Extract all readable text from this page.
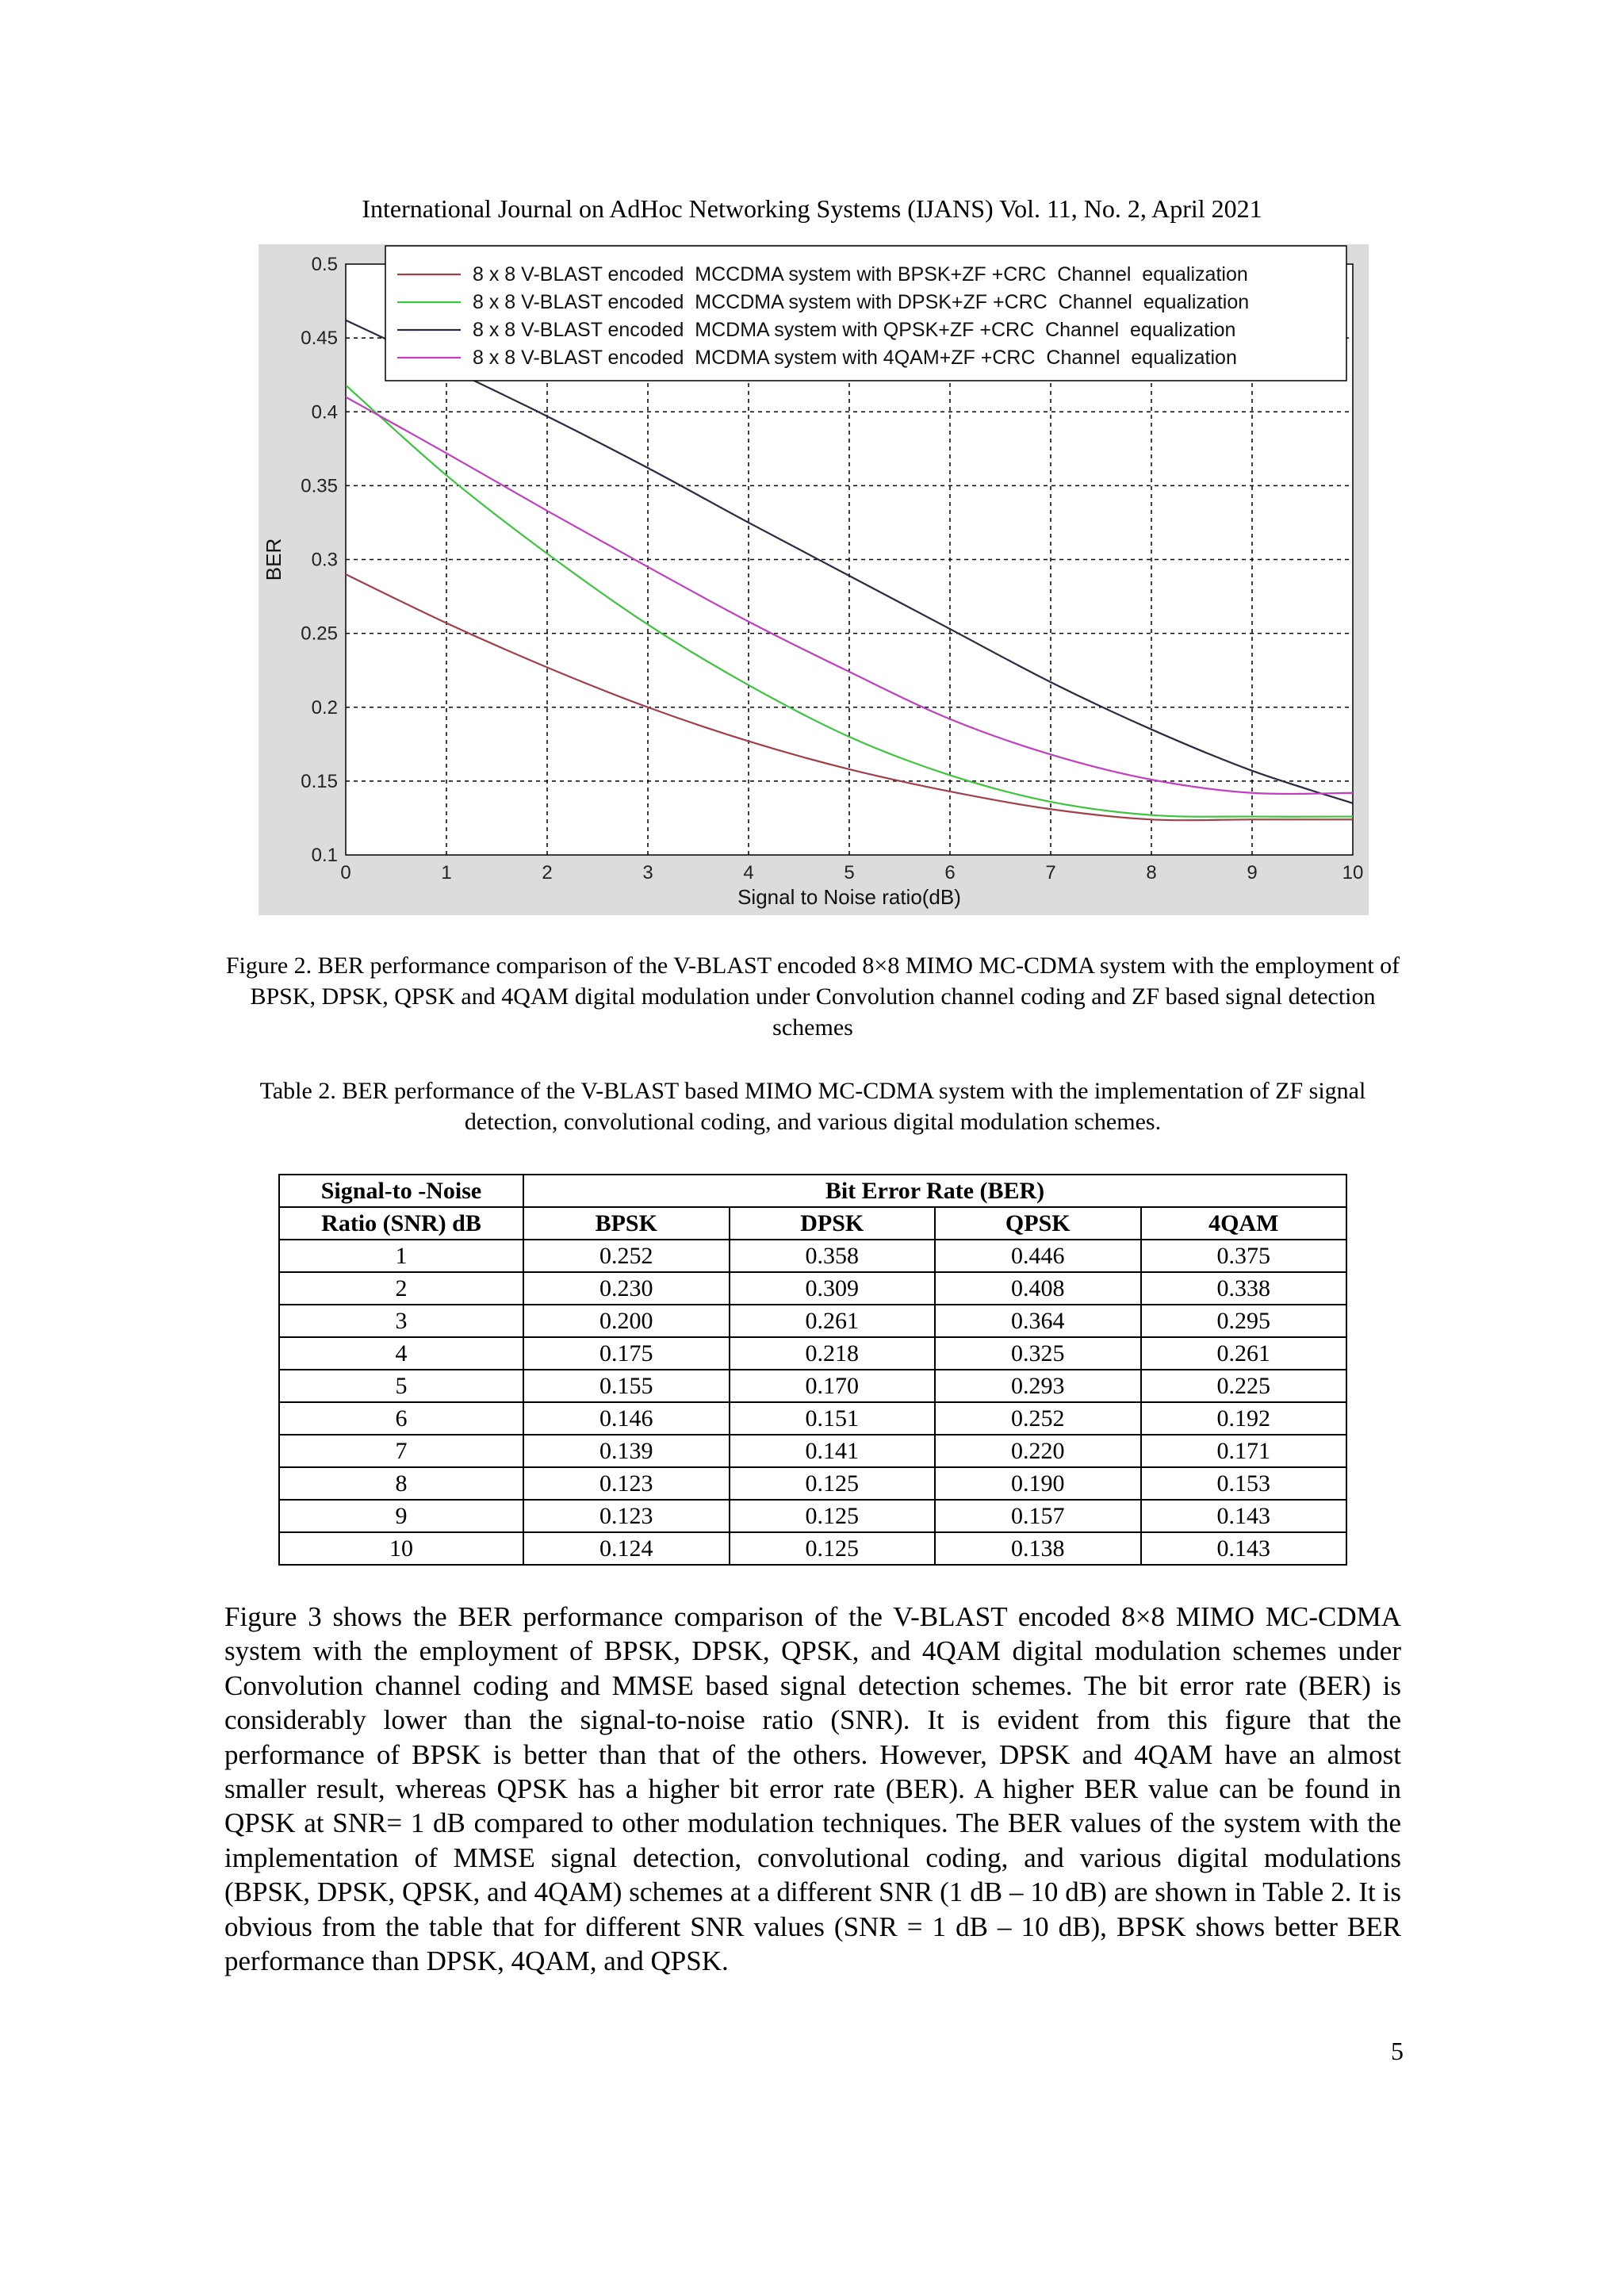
International Journal on AdHoc Networking Systems (IJANS) Vol. 11, No. 2, April 2021
0	1	2	3	4	5	6	7	8	9	10
0.1
0.15
0.2
0.25
0.3
0.35
0.4
0.45
0.5
Signal to Noise ratio(dB)
BER
8 x 8 V-BLAST encoded  MCCDMA system with BPSK+ZF +CRC  Channel  equalization
8 x 8 V-BLAST encoded  MCCDMA system with DPSK+ZF +CRC  Channel  equalization
8 x 8 V-BLAST encoded  MCDMA system with QPSK+ZF +CRC  Channel  equalization
8 x 8 V-BLAST encoded  MCDMA system with 4QAM+ZF +CRC  Channel  equalization
Figure 2. BER performance comparison of the V-BLAST encoded 8×8 MIMO MC-CDMA system with the employment of BPSK, DPSK, QPSK and 4QAM digital modulation under Convolution channel coding and ZF based signal detection schemes
Table 2. BER performance of the V-BLAST based MIMO MC-CDMA system with the implementation of ZF signal detection, convolutional coding, and various digital modulation schemes.
Signal-to -Noise	Bit Error Rate (BER)			
Ratio (SNR) dB	BPSK	DPSK	QPSK	4QAM
1	0.252	0.358	0.446	0.375
2	0.230	0.309	0.408	0.338
3	0.200	0.261	0.364	0.295
4	0.175	0.218	0.325	0.261
5	0.155	0.170	0.293	0.225
6	0.146	0.151	0.252	0.192
7	0.139	0.141	0.220	0.171
8	0.123	0.125	0.190	0.153
9	0.123	0.125	0.157	0.143
10	0.124	0.125	0.138	0.143
Figure 3 shows the BER performance comparison of the V-BLAST encoded 8×8 MIMO MC-CDMA system with the employment of BPSK, DPSK, QPSK, and 4QAM digital modulation schemes under Convolution channel coding and MMSE based signal detection schemes. The bit error rate (BER) is considerably lower than the signal-to-noise ratio (SNR). It is evident from this figure that the performance of BPSK is better than that of the others. However, DPSK and 4QAM have an almost smaller result, whereas QPSK has a higher bit error rate (BER). A higher BER value can be found in QPSK at SNR= 1 dB compared to other modulation techniques. The BER values of the system with the implementation of MMSE signal detection, convolutional coding, and various digital modulations (BPSK, DPSK, QPSK, and 4QAM) schemes at a different SNR (1 dB – 10 dB) are shown in Table 2. It is obvious from the table that for different SNR values (SNR = 1 dB – 10 dB), BPSK shows better BER performance than DPSK, 4QAM, and QPSK.
5
